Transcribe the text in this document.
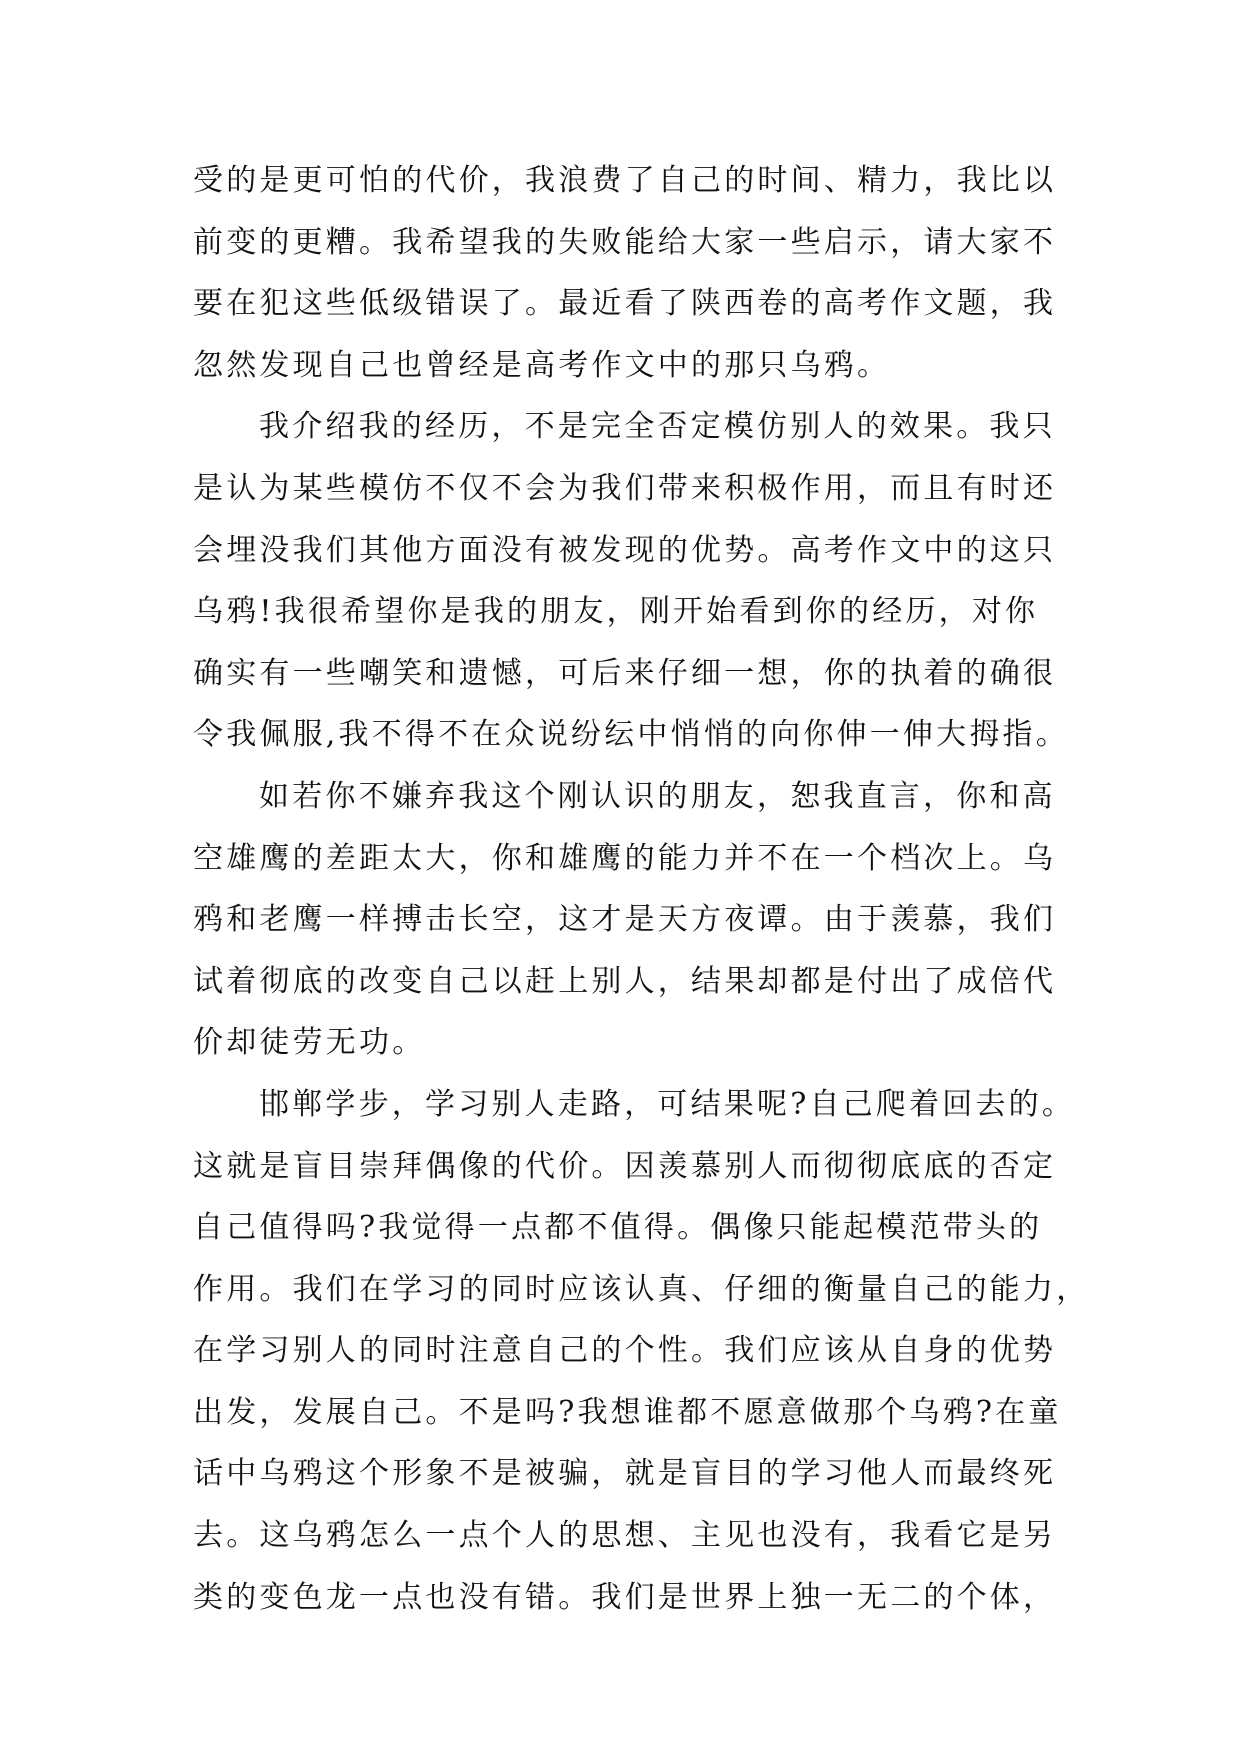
受的是更可怕的代价，我浪费了自己的时间、精力，我比以
前变的更糟。我希望我的失败能给大家一些启示，请大家不
要在犯这些低级错误了。最近看了陕西卷的高考作文题，我
忽然发现自己也曾经是高考作文中的那只乌鸦。
我介绍我的经历，不是完全否定模仿别人的效果。我只
是认为某些模仿不仅不会为我们带来积极作用，而且有时还
会埋没我们其他方面没有被发现的优势。高考作文中的这只
乌鸦!我很希望你是我的朋友，刚开始看到你的经历，对你
确实有一些嘲笑和遗憾，可后来仔细一想，你的执着的确很
令我佩服,我不得不在众说纷纭中悄悄的向你伸一伸大拇指。
如若你不嫌弃我这个刚认识的朋友，恕我直言，你和高
空雄鹰的差距太大，你和雄鹰的能力并不在一个档次上。乌
鸦和老鹰一样搏击长空，这才是天方夜谭。由于羡慕，我们
试着彻底的改变自己以赶上别人，结果却都是付出了成倍代
价却徒劳无功。
邯郸学步，学习别人走路，可结果呢?自己爬着回去的。
这就是盲目崇拜偶像的代价。因羡慕别人而彻彻底底的否定
自己值得吗?我觉得一点都不值得。偶像只能起模范带头的
作用。我们在学习的同时应该认真、仔细的衡量自己的能力，
在学习别人的同时注意自己的个性。我们应该从自身的优势
出发，发展自己。不是吗?我想谁都不愿意做那个乌鸦?在童
话中乌鸦这个形象不是被骗，就是盲目的学习他人而最终死
去。这乌鸦怎么一点个人的思想、主见也没有，我看它是另
类的变色龙一点也没有错。我们是世界上独一无二的个体，
